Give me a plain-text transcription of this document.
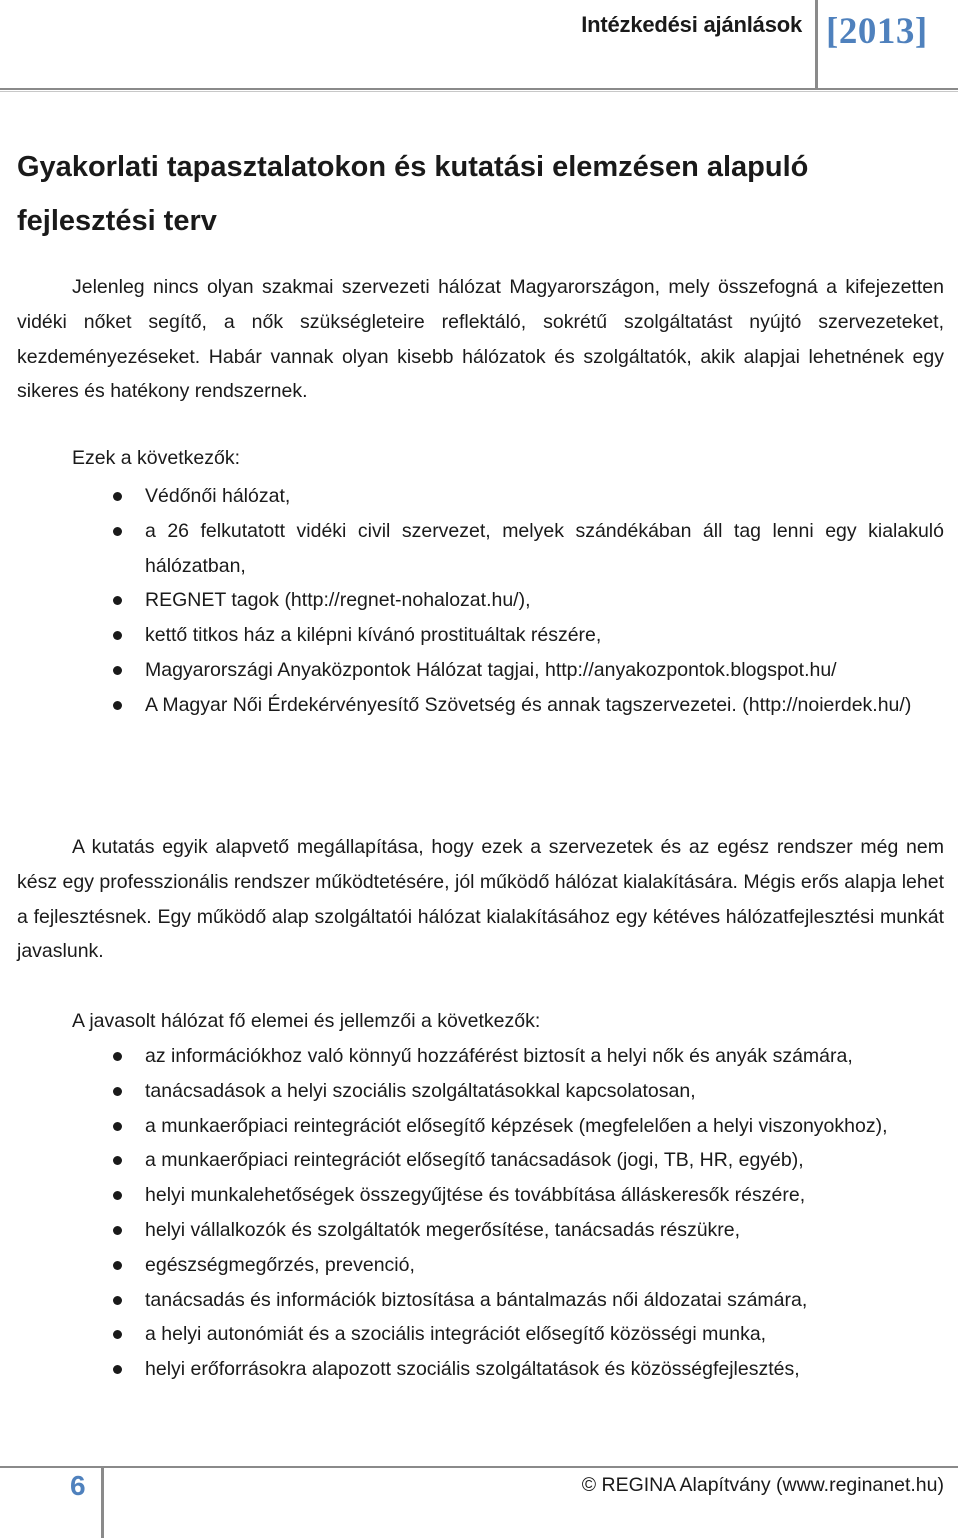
Intézkedési ajánlások [2013]
Gyakorlati tapasztalatokon és kutatási elemzésen alapuló fejlesztési terv

Jelenleg nincs olyan szakmai szervezeti hálózat Magyarországon, mely összefogná a kifejezetten vidéki nőket segítő, a nők szükségleteire reflektáló, sokrétű szolgáltatást nyújtó szervezeteket, kezdeményezéseket. Habár vannak olyan kisebb hálózatok és szolgáltatók, akik alapjai lehetnének egy sikeres és hatékony rendszernek.

Ezek a következők:

Védőnői hálózat,
a 26 felkutatott vidéki civil szervezet, melyek szándékában áll tag lenni egy kialakuló hálózatban,
REGNET tagok (http://regnet-nohalozat.hu/),
kettő titkos ház a kilépni kívánó prostituáltak részére,
Magyarországi Anyaközpontok Hálózat tagjai, http://anyakozpontok.blogspot.hu/
A Magyar Női Érdekérvényesítő Szövetség és annak tagszervezetei. (http://noierdek.hu/)

A kutatás egyik alapvető megállapítása, hogy ezek a szervezetek és az egész rendszer még nem kész egy professzionális rendszer működtetésére, jól működő hálózat kialakítására. Mégis erős alapja lehet a fejlesztésnek. Egy működő alap szolgáltatói hálózat kialakításához egy kétéves hálózatfejlesztési munkát javaslunk.

A javasolt hálózat fő elemei és jellemzői a következők:

az információkhoz való könnyű hozzáférést biztosít a helyi nők és anyák számára,
tanácsadások a helyi szociális szolgáltatásokkal kapcsolatosan,
a munkaerőpiaci reintegrációt elősegítő képzések (megfelelően a helyi viszonyokhoz),
a munkaerőpiaci reintegrációt elősegítő tanácsadások (jogi, TB, HR, egyéb),
helyi munkalehetőségek összegyűjtése és továbbítása álláskeresők részére,
helyi vállalkozók és szolgáltatók megerősítése, tanácsadás részükre,
egészségmegőrzés, prevenció,
tanácsadás és információk biztosítása a bántalmazás női áldozatai számára,
a helyi autonómiát és a szociális integrációt elősegítő közösségi munka,
helyi erőforrásokra alapozott szociális szolgáltatások és közösségfejlesztés,
6	© REGINA Alapítvány (www.reginanet.hu)
